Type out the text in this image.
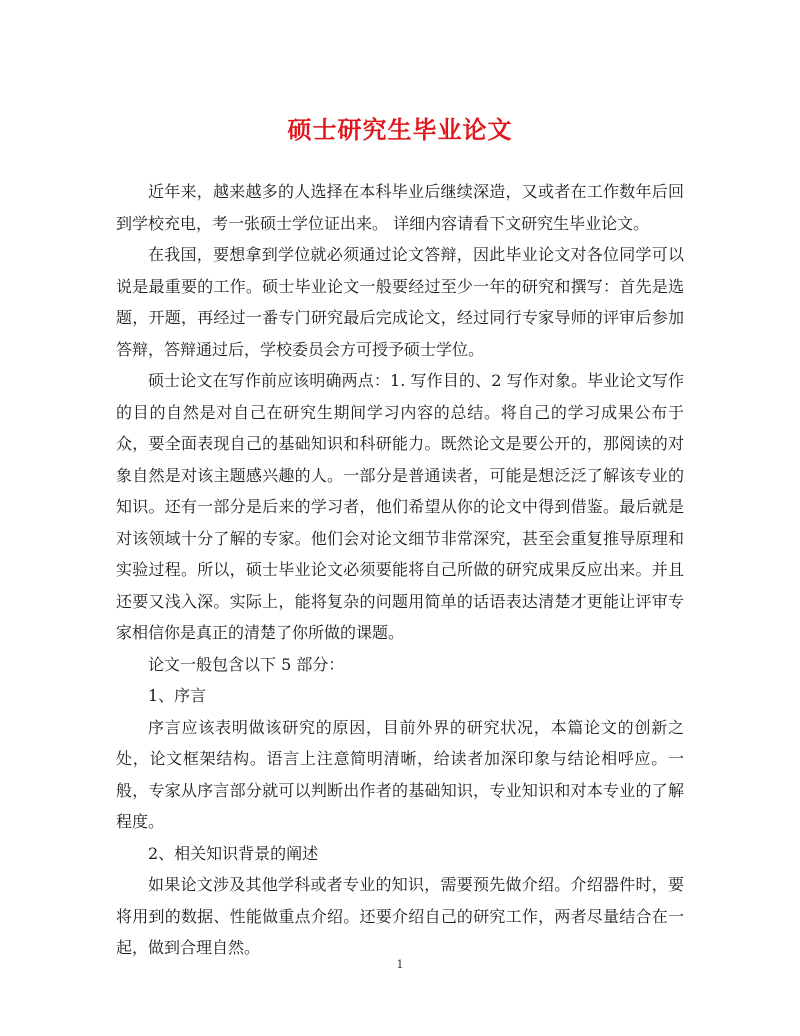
硕士研究生毕业论文

近年来，越来越多的人选择在本科毕业后继续深造，又或者在工作数年后回到学校充电，考一张硕士学位证出来。 详细内容请看下文研究生毕业论文。

在我国，要想拿到学位就必须通过论文答辩，因此毕业论文对各位同学可以说是最重要的工作。硕士毕业论文一般要经过至少一年的研究和撰写：首先是选题，开题，再经过一番专门研究最后完成论文，经过同行专家导师的评审后参加答辩，答辩通过后，学校委员会方可授予硕士学位。

硕士论文在写作前应该明确两点：1. 写作目的、2 写作对象。毕业论文写作的目的自然是对自己在研究生期间学习内容的总结。将自己的学习成果公布于众，要全面表现自己的基础知识和科研能力。既然论文是要公开的，那阅读的对象自然是对该主题感兴趣的人。一部分是普通读者，可能是想泛泛了解该专业的知识。还有一部分是后来的学习者，他们希望从你的论文中得到借鉴。最后就是对该领域十分了解的专家。他们会对论文细节非常深究，甚至会重复推导原理和实验过程。所以，硕士毕业论文必须要能将自己所做的研究成果反应出来。并且还要又浅入深。实际上，能将复杂的问题用简单的话语表达清楚才更能让评审专家相信你是真正的清楚了你所做的课题。

论文一般包含以下 5 部分：

1、序言

序言应该表明做该研究的原因，目前外界的研究状况，本篇论文的创新之处，论文框架结构。语言上注意简明清晰，给读者加深印象与结论相呼应。一般，专家从序言部分就可以判断出作者的基础知识，专业知识和对本专业的了解程度。

2、相关知识背景的阐述

如果论文涉及其他学科或者专业的知识，需要预先做介绍。介绍器件时，要将用到的数据、性能做重点介绍。还要介绍自己的研究工作，两者尽量结合在一起，做到合理自然。

1
